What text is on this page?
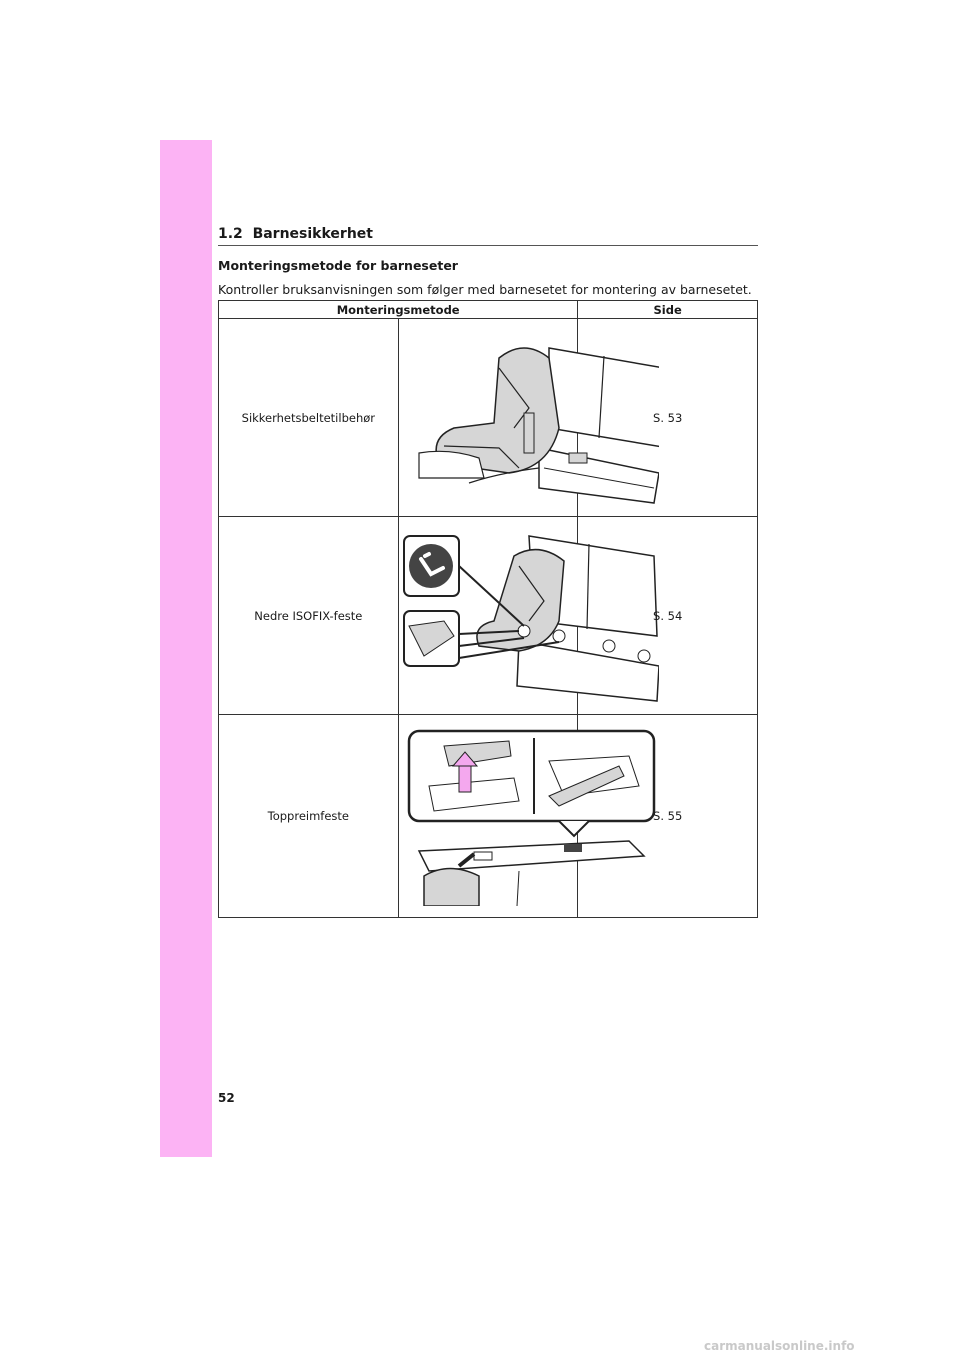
1.2 Barnesikkerhet
Monteringsmetode for barneseter
Kontroller bruksanvisningen som følger med barnesetet for montering av barnesetet.
Monteringsmetode		Side
Sikkerhetsbeltetilbehør		S. 53
Nedre ISOFIX-feste		S. 54
Toppreimfeste		S. 55
52
carmanualsonline.info
